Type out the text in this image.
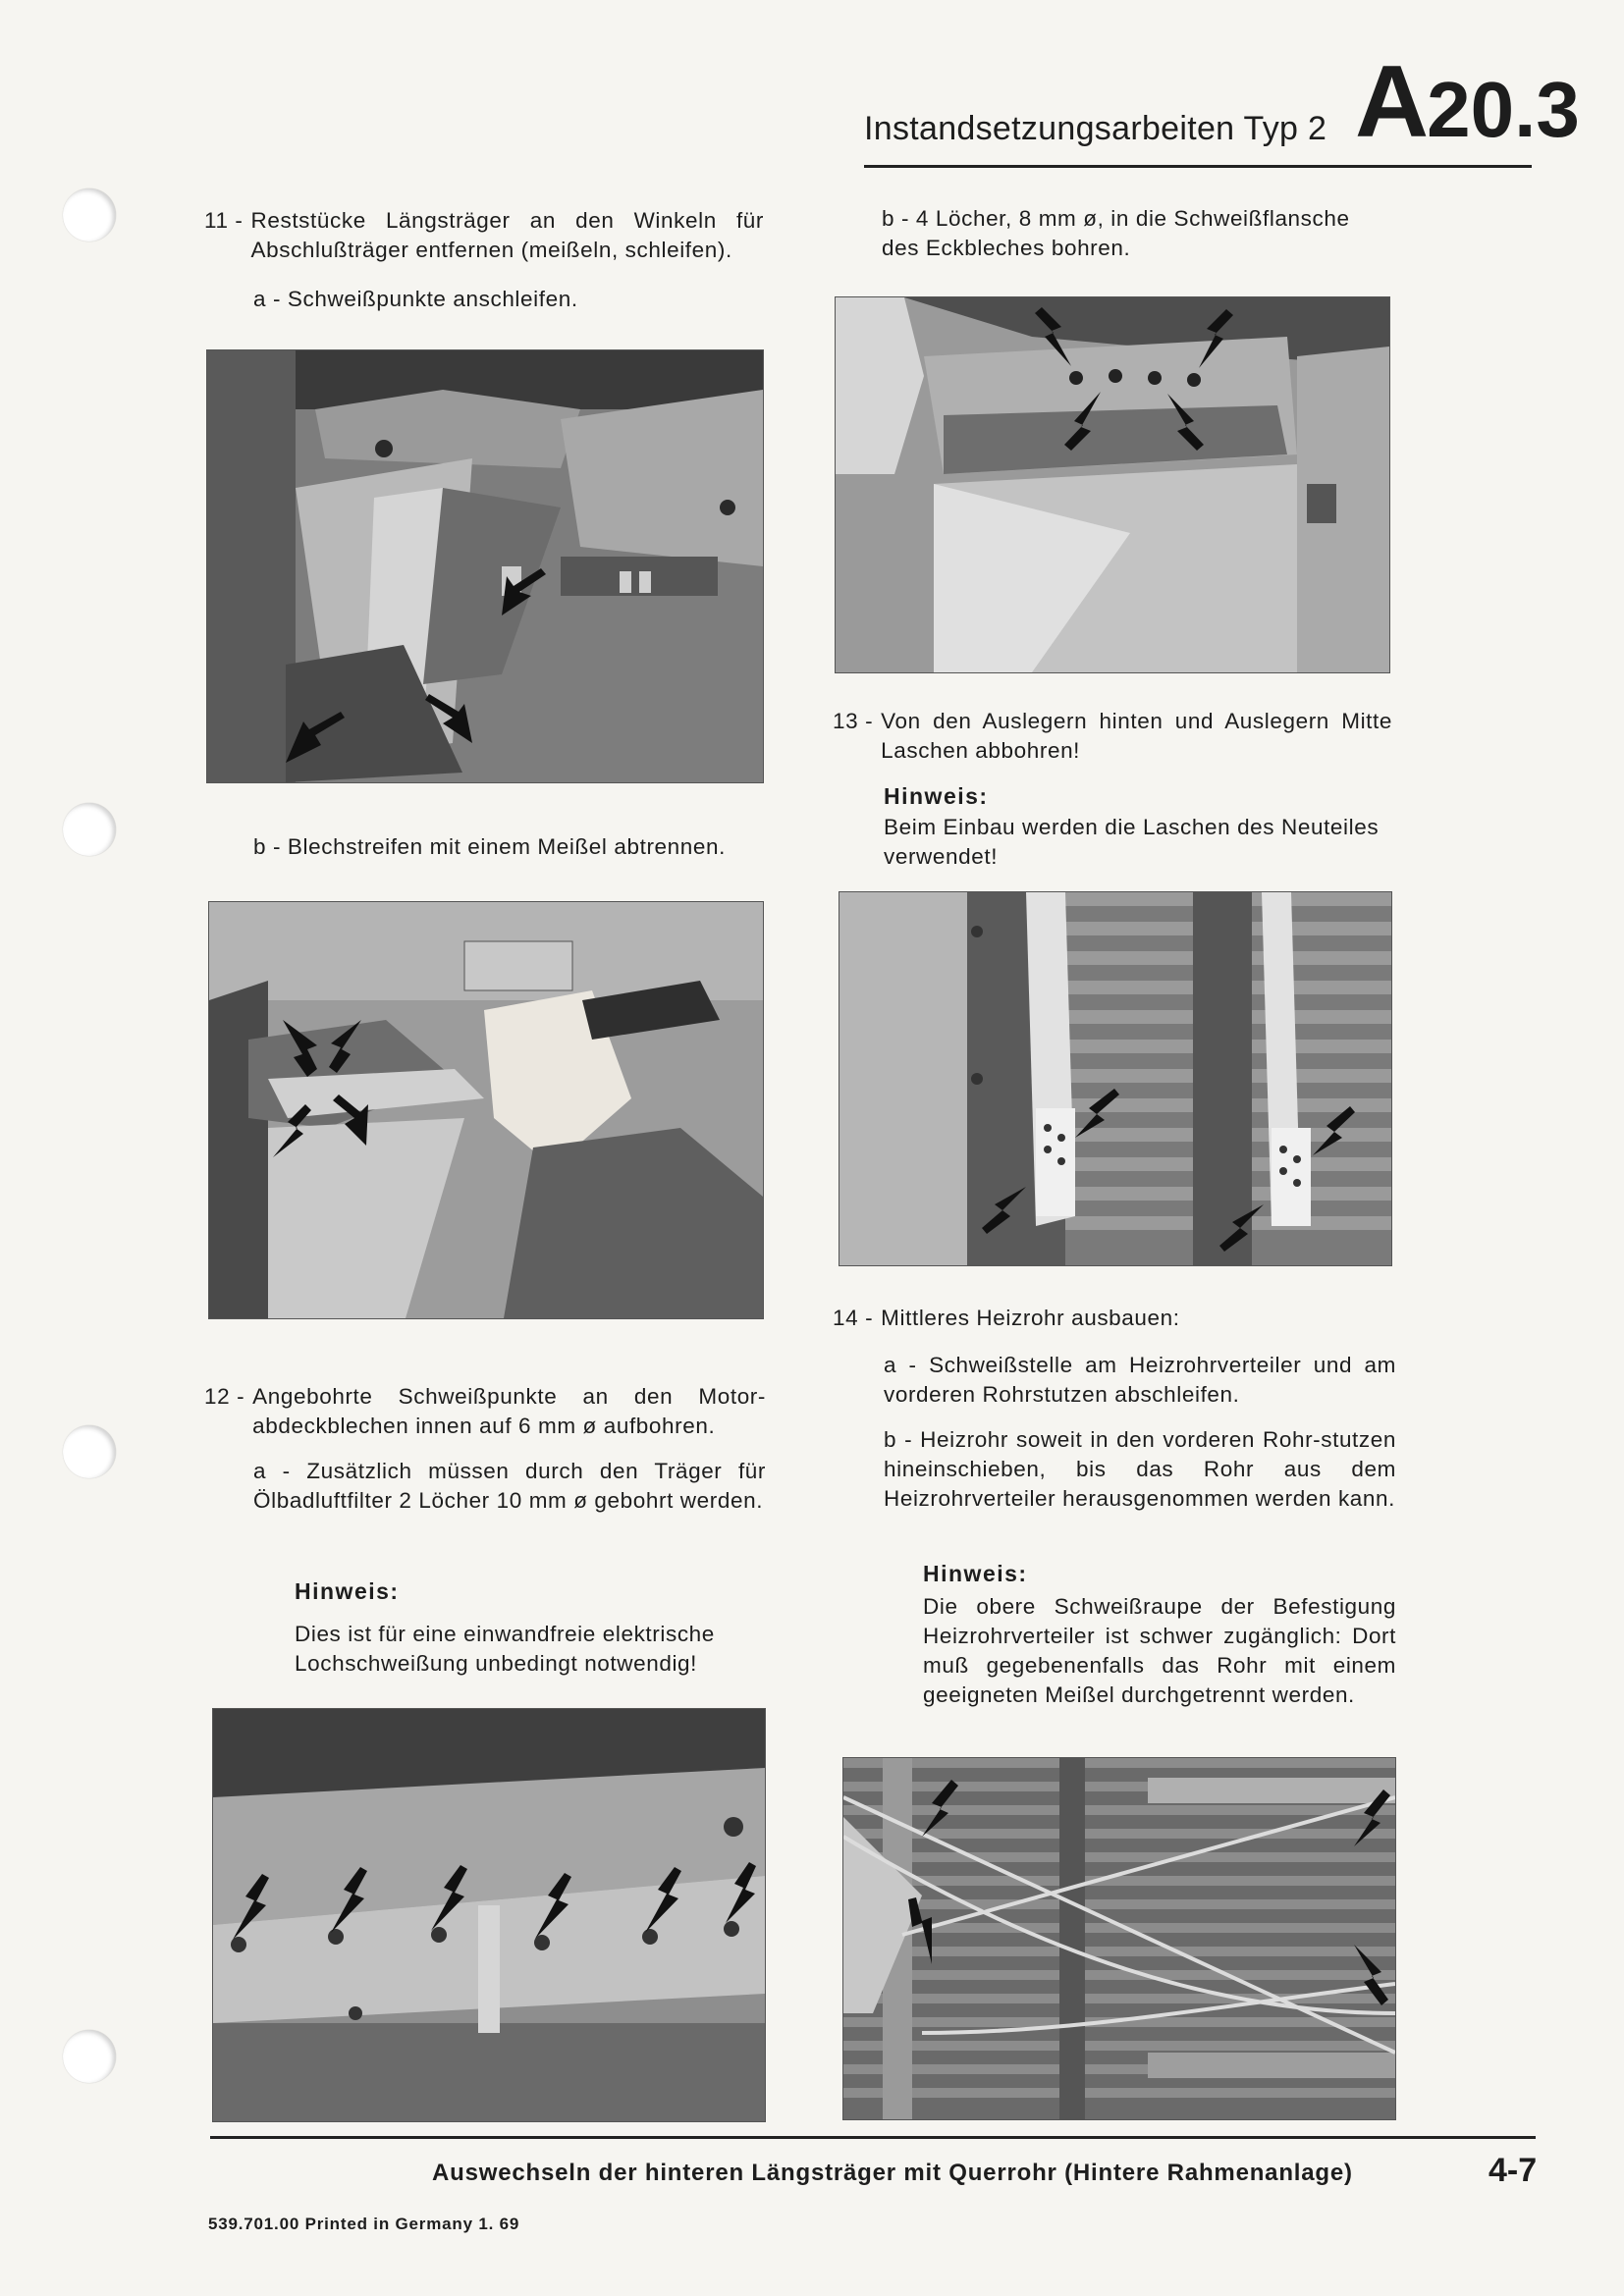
Instandsetzungsarbeiten Typ 2 A20.3
11 - Reststücke Längsträger an den Winkeln für Abschlußträger entfernen (meißeln, schleifen).
a - Schweißpunkte anschleifen.
b - Blechstreifen mit einem Meißel abtrennen.
12 - Angebohrte Schweißpunkte an den Motor-abdeckblechen innen auf 6 mm ø aufbohren.
a - Zusätzlich müssen durch den Träger für Ölbadluftfilter 2 Löcher 10 mm ø gebohrt werden.
Hinweis:
Dies ist für eine einwandfreie elektrische Lochschweißung unbedingt notwendig!
b - 4 Löcher, 8 mm ø, in die Schweißflansche des Eckbleches bohren.
13 - Von den Auslegern hinten und Auslegern Mitte Laschen abbohren!
Hinweis:
Beim Einbau werden die Laschen des Neuteiles verwendet!
14 - Mittleres Heizrohr ausbauen:
a - Schweißstelle am Heizrohrverteiler und am vorderen Rohrstutzen abschleifen.
b - Heizrohr soweit in den vorderen Rohr-stutzen hineinschieben, bis das Rohr aus dem Heizrohrverteiler herausgenommen werden kann.
Hinweis:
Die obere Schweißraupe der Befestigung Heizrohrverteiler ist schwer zugänglich: Dort muß gegebenenfalls das Rohr mit einem geeigneten Meißel durchgetrennt werden.
Auswechseln der hinteren Längsträger mit Querrohr (Hintere Rahmenanlage)	4-7
539.701.00 Printed in Germany 1. 69
